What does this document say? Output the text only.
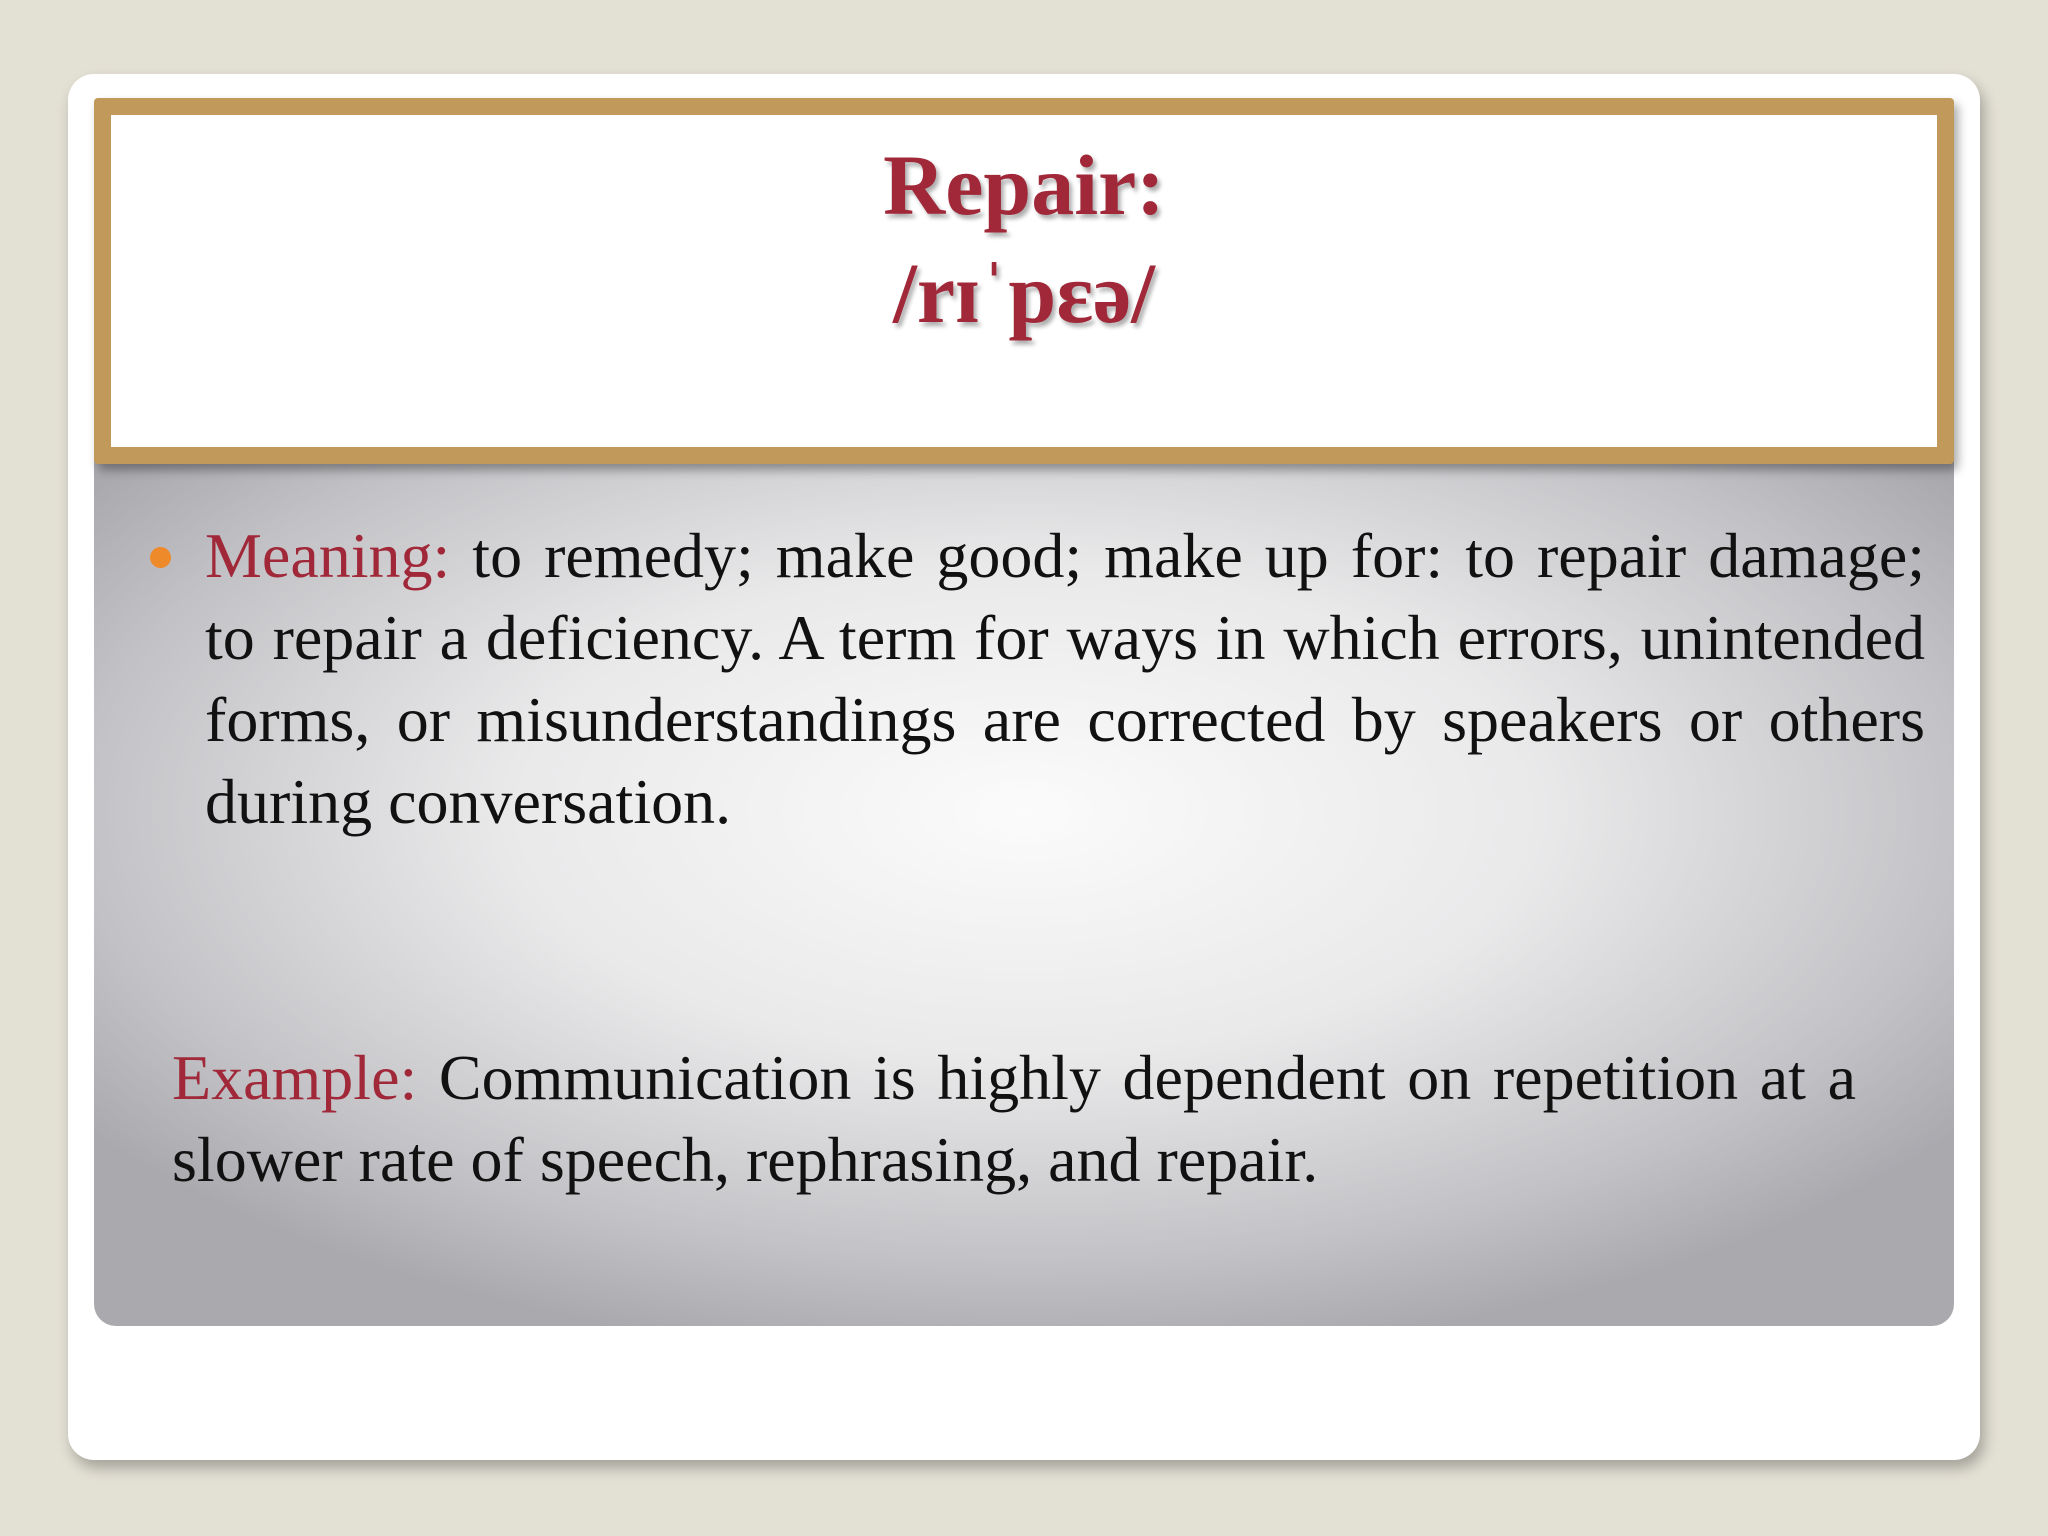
Repair:
/rɪˈpɛə/
Meaning: to remedy; make good; make up for: to repair damage; to repair a deficiency. A term for ways in which errors, unintended forms, or misunderstandings are corrected by speakers or others during conversation.
Example: Communication is highly dependent on repetition at a slower rate of speech, rephrasing, and repair.
